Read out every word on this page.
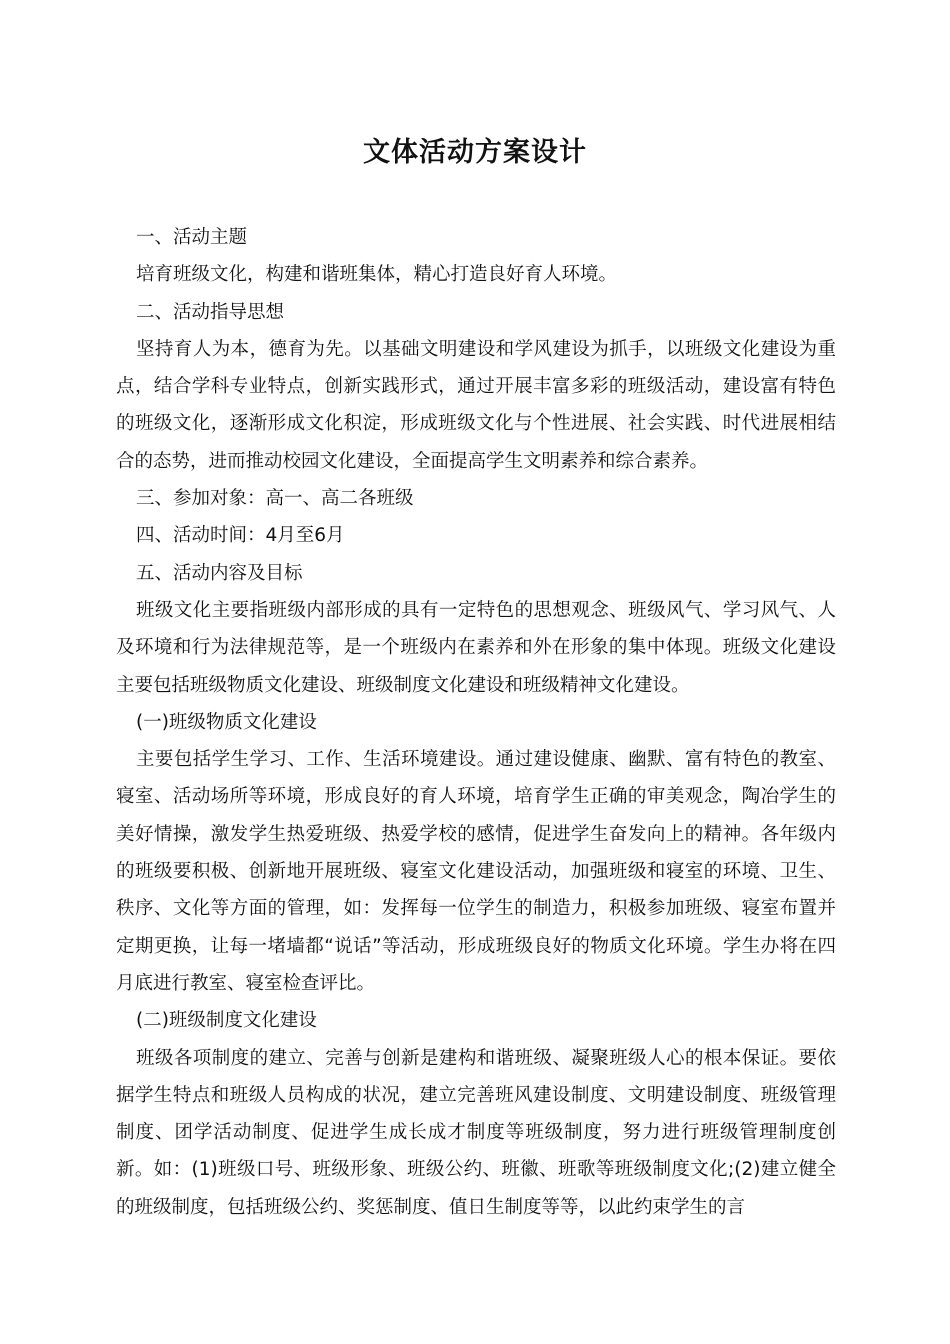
文体活动方案设计

一、活动主题

培育班级文化，构建和谐班集体，精心打造良好育人环境。

二、活动指导思想

坚持育人为本，德育为先。以基础文明建设和学风建设为抓手，以班级文化建设为重点，结合学科专业特点，创新实践形式，通过开展丰富多彩的班级活动，建设富有特色的班级文化，逐渐形成文化积淀，形成班级文化与个性进展、社会实践、时代进展相结合的态势，进而推动校园文化建设，全面提高学生文明素养和综合素养。

三、参加对象：高一、高二各班级

四、活动时间：4月至6月

五、活动内容及目标

班级文化主要指班级内部形成的具有一定特色的思想观念、班级风气、学习风气、人及环境和行为法律规范等，是一个班级内在素养和外在形象的集中体现。班级文化建设主要包括班级物质文化建设、班级制度文化建设和班级精神文化建设。

(一)班级物质文化建设

主要包括学生学习、工作、生活环境建设。通过建设健康、幽默、富有特色的教室、寝室、活动场所等环境，形成良好的育人环境，培育学生正确的审美观念，陶冶学生的美好情操，激发学生热爱班级、热爱学校的感情，促进学生奋发向上的精神。各年级内的班级要积极、创新地开展班级、寝室文化建设活动，加强班级和寝室的环境、卫生、秩序、文化等方面的管理，如：发挥每一位学生的制造力，积极参加班级、寝室布置并定期更换，让每一堵墙都“说话”等活动，形成班级良好的物质文化环境。学生办将在四月底进行教室、寝室检查评比。

(二)班级制度文化建设

班级各项制度的建立、完善与创新是建构和谐班级、凝聚班级人心的根本保证。要依据学生特点和班级人员构成的状况，建立完善班风建设制度、文明建设制度、班级管理制度、团学活动制度、促进学生成长成才制度等班级制度，努力进行班级管理制度创新。如：(1)班级口号、班级形象、班级公约、班徽、班歌等班级制度文化;(2)建立健全的班级制度，包括班级公约、奖惩制度、值日生制度等等，以此约束学生的言
